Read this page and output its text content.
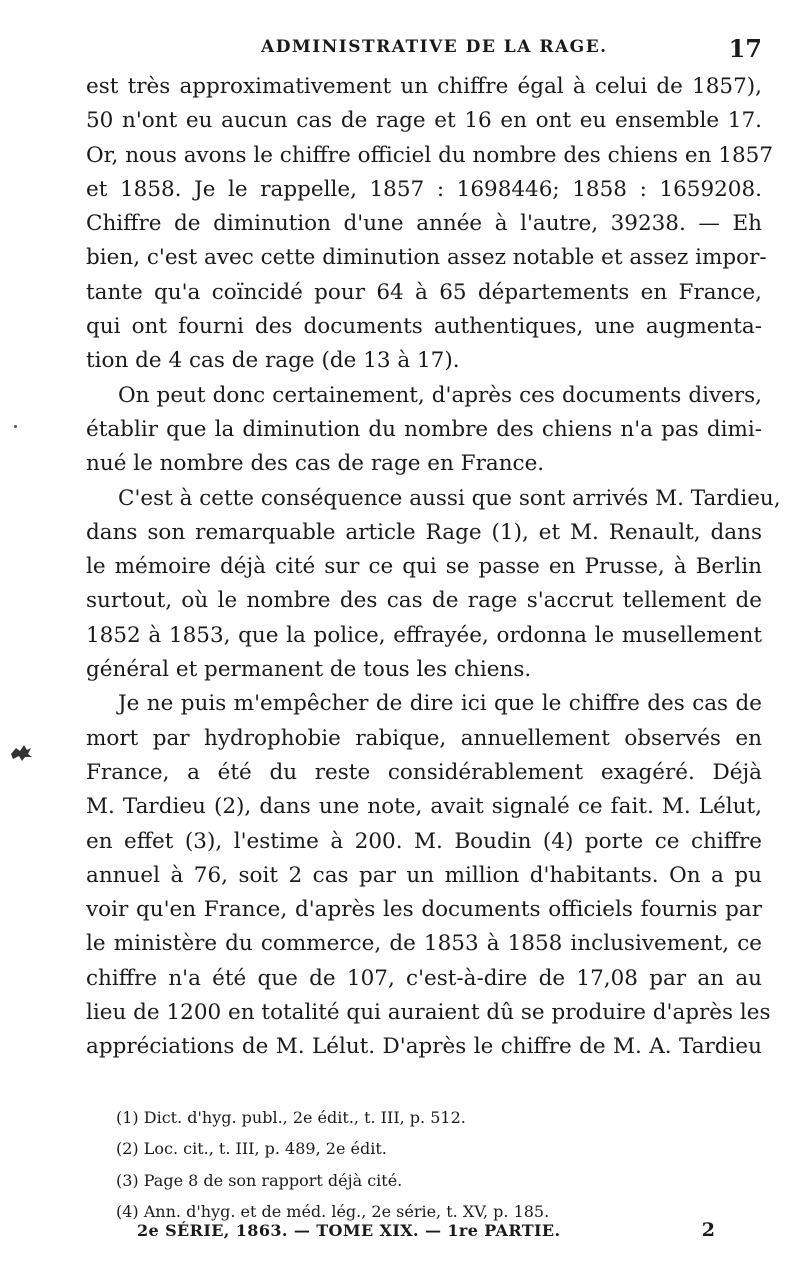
ADMINISTRATIVE DE LA RAGE.	17
est très approximativement un chiffre égal à celui de 1857),
50 n'ont eu aucun cas de rage et 16 en ont eu ensemble 17.
Or, nous avons le chiffre officiel du nombre des chiens en 1857
et 1858. Je le rappelle, 1857 : 1698446; 1858 : 1659208.
Chiffre de diminution d'une année à l'autre, 39238. — Eh
bien, c'est avec cette diminution assez notable et assez impor-
tante qu'a coïncidé pour 64 à 65 départements en France,
qui ont fourni des documents authentiques, une augmenta-
tion de 4 cas de rage (de 13 à 17).
On peut donc certainement, d'après ces documents divers,
établir que la diminution du nombre des chiens n'a pas dimi-
nué le nombre des cas de rage en France.
C'est à cette conséquence aussi que sont arrivés M. Tardieu,
dans son remarquable article Rage (1), et M. Renault, dans
le mémoire déjà cité sur ce qui se passe en Prusse, à Berlin
surtout, où le nombre des cas de rage s'accrut tellement de
1852 à 1853, que la police, effrayée, ordonna le musellement
général et permanent de tous les chiens.
Je ne puis m'empêcher de dire ici que le chiffre des cas de
mort par hydrophobie rabique, annuellement observés en
France, a été du reste considérablement exagéré. Déjà
M. Tardieu (2), dans une note, avait signalé ce fait. M. Lélut,
en effet (3), l'estime à 200. M. Boudin (4) porte ce chiffre
annuel à 76, soit 2 cas par un million d'habitants. On a pu
voir qu'en France, d'après les documents officiels fournis par
le ministère du commerce, de 1853 à 1858 inclusivement, ce
chiffre n'a été que de 107, c'est-à-dire de 17,08 par an au
lieu de 1200 en totalité qui auraient dû se produire d'après les
appréciations de M. Lélut. D'après le chiffre de M. A. Tardieu
(1) Dict. d'hyg. publ., 2e édit., t. III, p. 512.
(2) Loc. cit., t. III, p. 489, 2e édit.
(3) Page 8 de son rapport déjà cité.
(4) Ann. d'hyg. et de méd. lég., 2e série, t. XV, p. 185.
2e SÉRIE, 1863. — TOME XIX. — 1re PARTIE.	2
